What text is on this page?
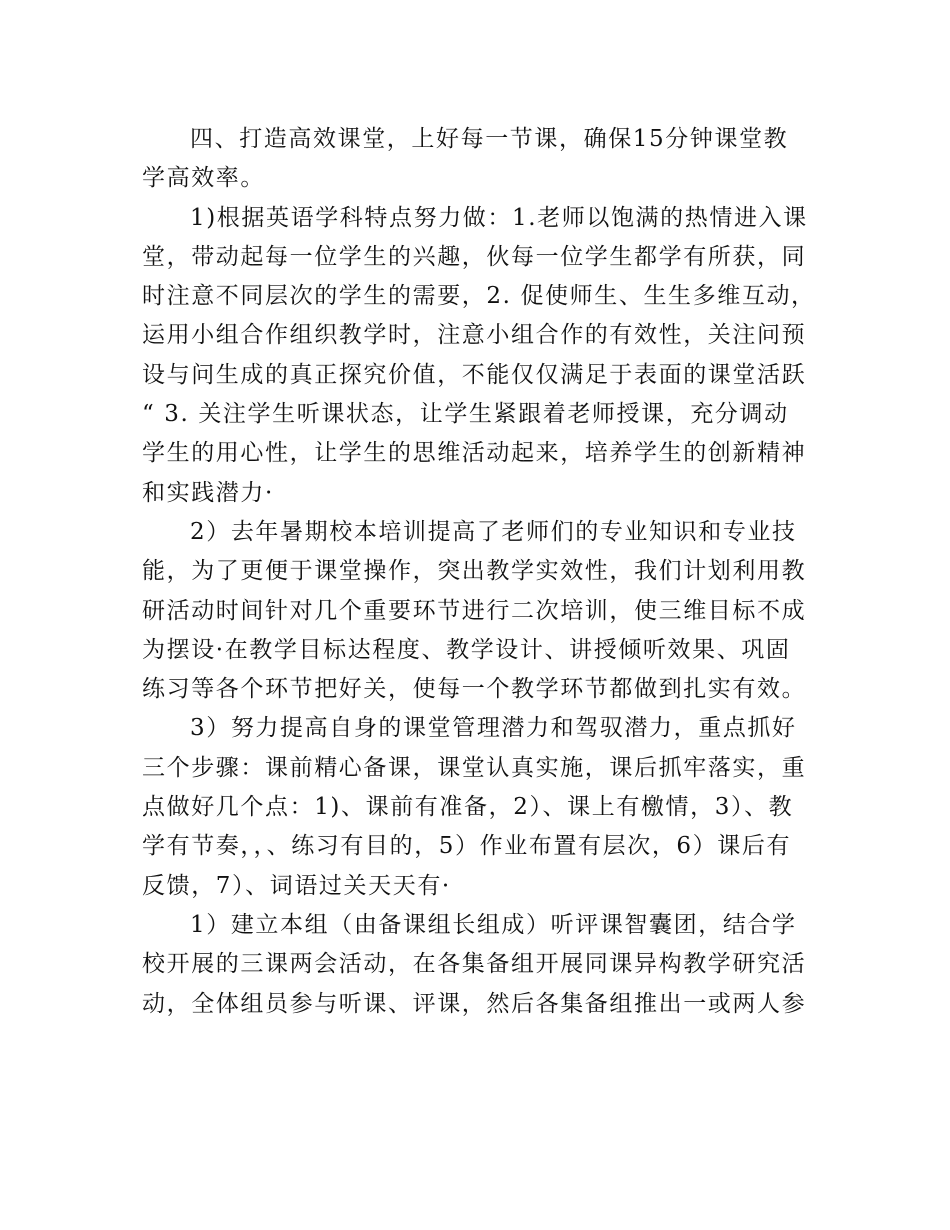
四、打造高效课堂，上好每一节课，确保15分钟课堂教
学高效率。

1)根据英语学科特点努力做：1.老师以饱满的热情进入课
堂，带动起每一位学生的兴趣，伙每一位学生都学有所获，同
时注意不同层次的学生的需要，2. 促使师生、生生多维互动，
运用小组合作组织教学时，注意小组合作的有效性，关注问预
设与问生成的真正探究价值，不能仅仅满足于表面的课堂活跃
“ 3. 关注学生听课状态，让学生紧跟着老师授课，充分调动
学生的用心性，让学生的思维活动起来，培养学生的创新精神
和实践潜力·

2）去年暑期校本培训提高了老师们的专业知识和专业技
能，为了更便于课堂操作，突出教学实效性，我们计划利用教
研活动时间针对几个重要环节进行二次培训，使三维目标不成
为摆设·在教学目标达程度、教学设计、讲授倾听效果、巩固
练习等各个环节把好关，使每一个教学环节都做到扎实有效。

3）努力提高自身的课堂管理潜力和驾驭潜力，重点抓好
三个步骤：课前精心备课，课堂认真实施，课后抓牢落实，重
点做好几个点：1)、课前有准备，2）、课上有檄情，3）、教
学有节奏，，、练习有目的，5）作业布置有层次，6）课后有
反馈，7）、词语过关天天有·

1）建立本组（由备课组长组成）听评课智囊团，结合学
校开展的三课两会活动，在各集备组开展同课异构教学研究活
动，全体组员参与听课、评课，然后各集备组推出一或两人参
